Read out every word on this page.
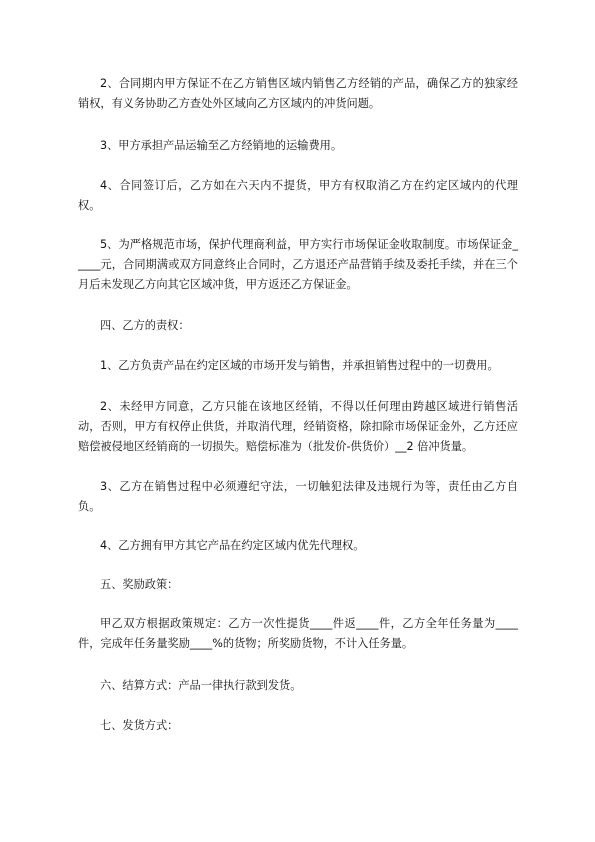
2、合同期内甲方保证不在乙方销售区域内销售乙方经销的产品，确保乙方的独家经销权，有义务协助乙方查处外区域向乙方区域内的冲货问题。

3、甲方承担产品运输至乙方经销地的运输费用。

4、合同签订后，乙方如在六天内不提货，甲方有权取消乙方在约定区域内的代理权。

5、为严格规范市场，保护代理商利益，甲方实行市场保证金收取制度。市场保证金_____元，合同期满或双方同意终止合同时，乙方退还产品营销手续及委托手续，并在三个月后未发现乙方向其它区域冲货，甲方返还乙方保证金。

四、乙方的责权：

1、乙方负责产品在约定区域的市场开发与销售，并承担销售过程中的一切费用。

2、未经甲方同意，乙方只能在该地区经销，不得以任何理由跨越区域进行销售活动，否则，甲方有权停止供货，并取消代理，经销资格，除扣除市场保证金外，乙方还应赔偿被侵地区经销商的一切损失。赔偿标准为（批发价-供货价）__2 倍冲货量。

3、乙方在销售过程中必须遵纪守法，一切触犯法律及违规行为等，责任由乙方自负。

4、乙方拥有甲方其它产品在约定区域内优先代理权。

五、奖励政策：

甲乙双方根据政策规定：乙方一次性提货____件返____件，乙方全年任务量为____件，完成年任务量奖励____%的货物；所奖励货物，不计入任务量。

六、结算方式：产品一律执行款到发货。

七、发货方式：
